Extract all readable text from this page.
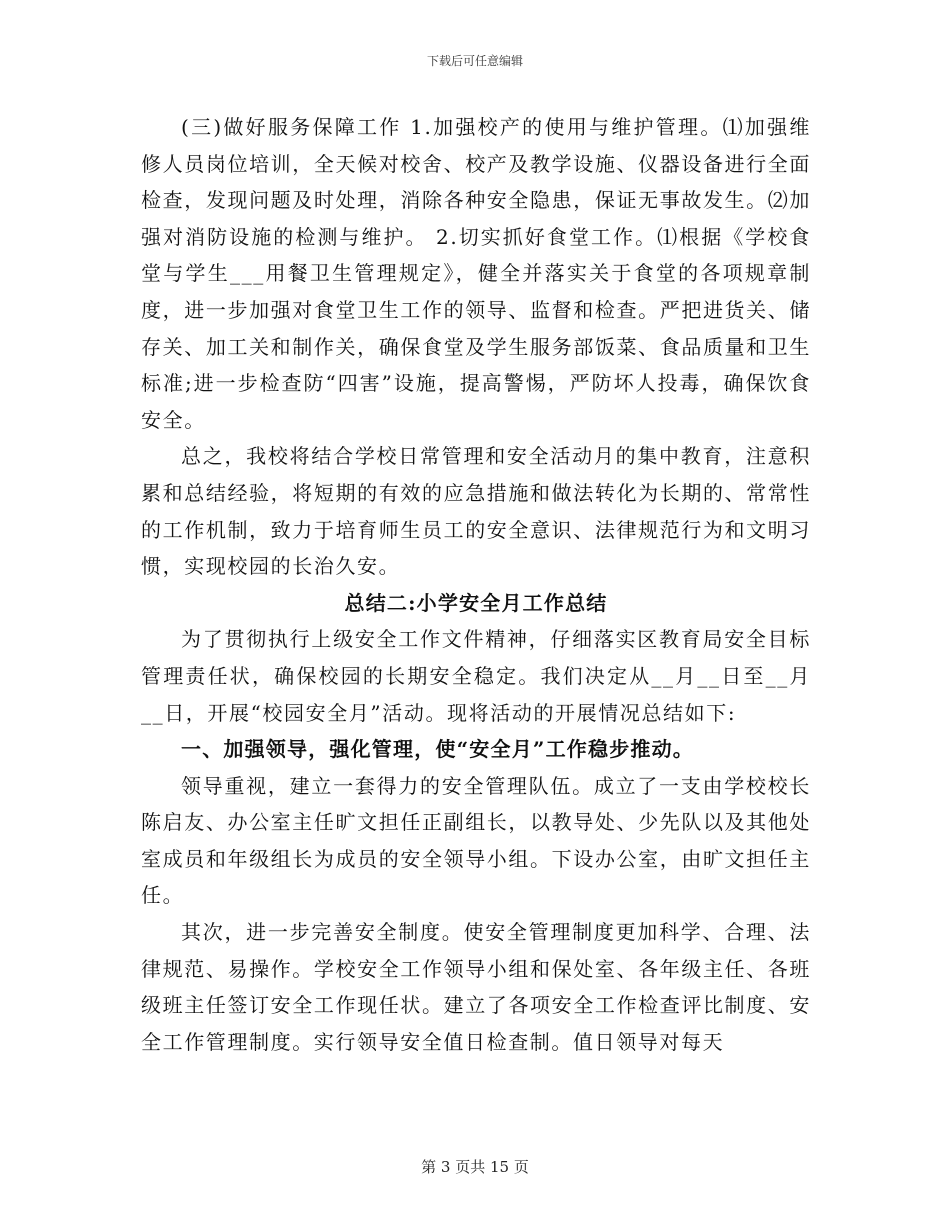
下载后可任意编辑

(三)做好服务保障工作 1.加强校产的使用与维护管理。⑴加强维修人员岗位培训，全天候对校舍、校产及教学设施、仪器设备进行全面检查，发现问题及时处理，消除各种安全隐患，保证无事故发生。⑵加强对消防设施的检测与维护。 2.切实抓好食堂工作。⑴根据《学校食堂与学生___用餐卫生管理规定》，健全并落实关于食堂的各项规章制度，进一步加强对食堂卫生工作的领导、监督和检查。严把进货关、储存关、加工关和制作关，确保食堂及学生服务部饭菜、食品质量和卫生标准;进一步检查防“四害”设施，提高警惕，严防坏人投毒，确保饮食安全。

总之，我校将结合学校日常管理和安全活动月的集中教育，注意积累和总结经验，将短期的有效的应急措施和做法转化为长期的、常常性的工作机制，致力于培育师生员工的安全意识、法律规范行为和文明习惯，实现校园的长治久安。

总结二:小学安全月工作总结

为了贯彻执行上级安全工作文件精神，仔细落实区教育局安全目标管理责任状，确保校园的长期安全稳定。我们决定从__月__日至__月__日，开展“校园安全月”活动。现将活动的开展情况总结如下:

一、加强领导，强化管理，使“安全月”工作稳步推动。

领导重视，建立一套得力的安全管理队伍。成立了一支由学校校长陈启友、办公室主任旷文担任正副组长，以教导处、少先队以及其他处室成员和年级组长为成员的安全领导小组。下设办公室，由旷文担任主任。

其次，进一步完善安全制度。使安全管理制度更加科学、合理、法律规范、易操作。学校安全工作领导小组和保处室、各年级主任、各班级班主任签订安全工作现任状。建立了各项安全工作检查评比制度、安全工作管理制度。实行领导安全值日检查制。值日领导对每天

第 3 页共 15 页
